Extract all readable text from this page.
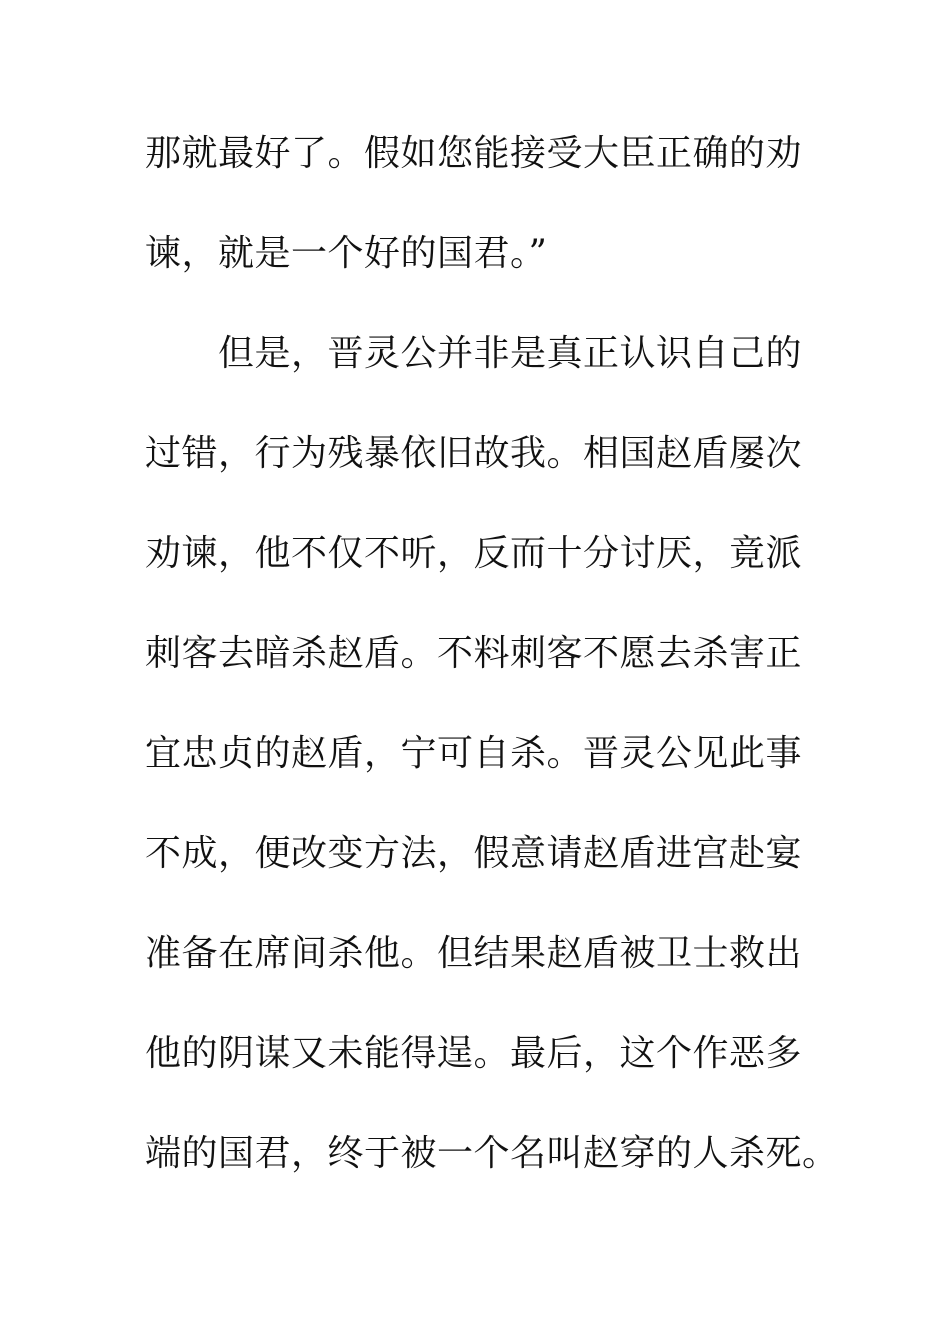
那就最好了。假如您能接受大臣正确的劝
谏，就是一个好的国君。”
　　但是，晋灵公并非是真正认识自己的
过错，行为残暴依旧故我。相国赵盾屡次
劝谏，他不仅不听，反而十分讨厌，竟派
刺客去暗杀赵盾。不料刺客不愿去杀害正
宜忠贞的赵盾，宁可自杀。晋灵公见此事
不成，便改变方法，假意请赵盾进宫赴宴
准备在席间杀他。但结果赵盾被卫士救出
他的阴谋又未能得逞。最后，这个作恶多
端的国君，终于被一个名叫赵穿的人杀死。
